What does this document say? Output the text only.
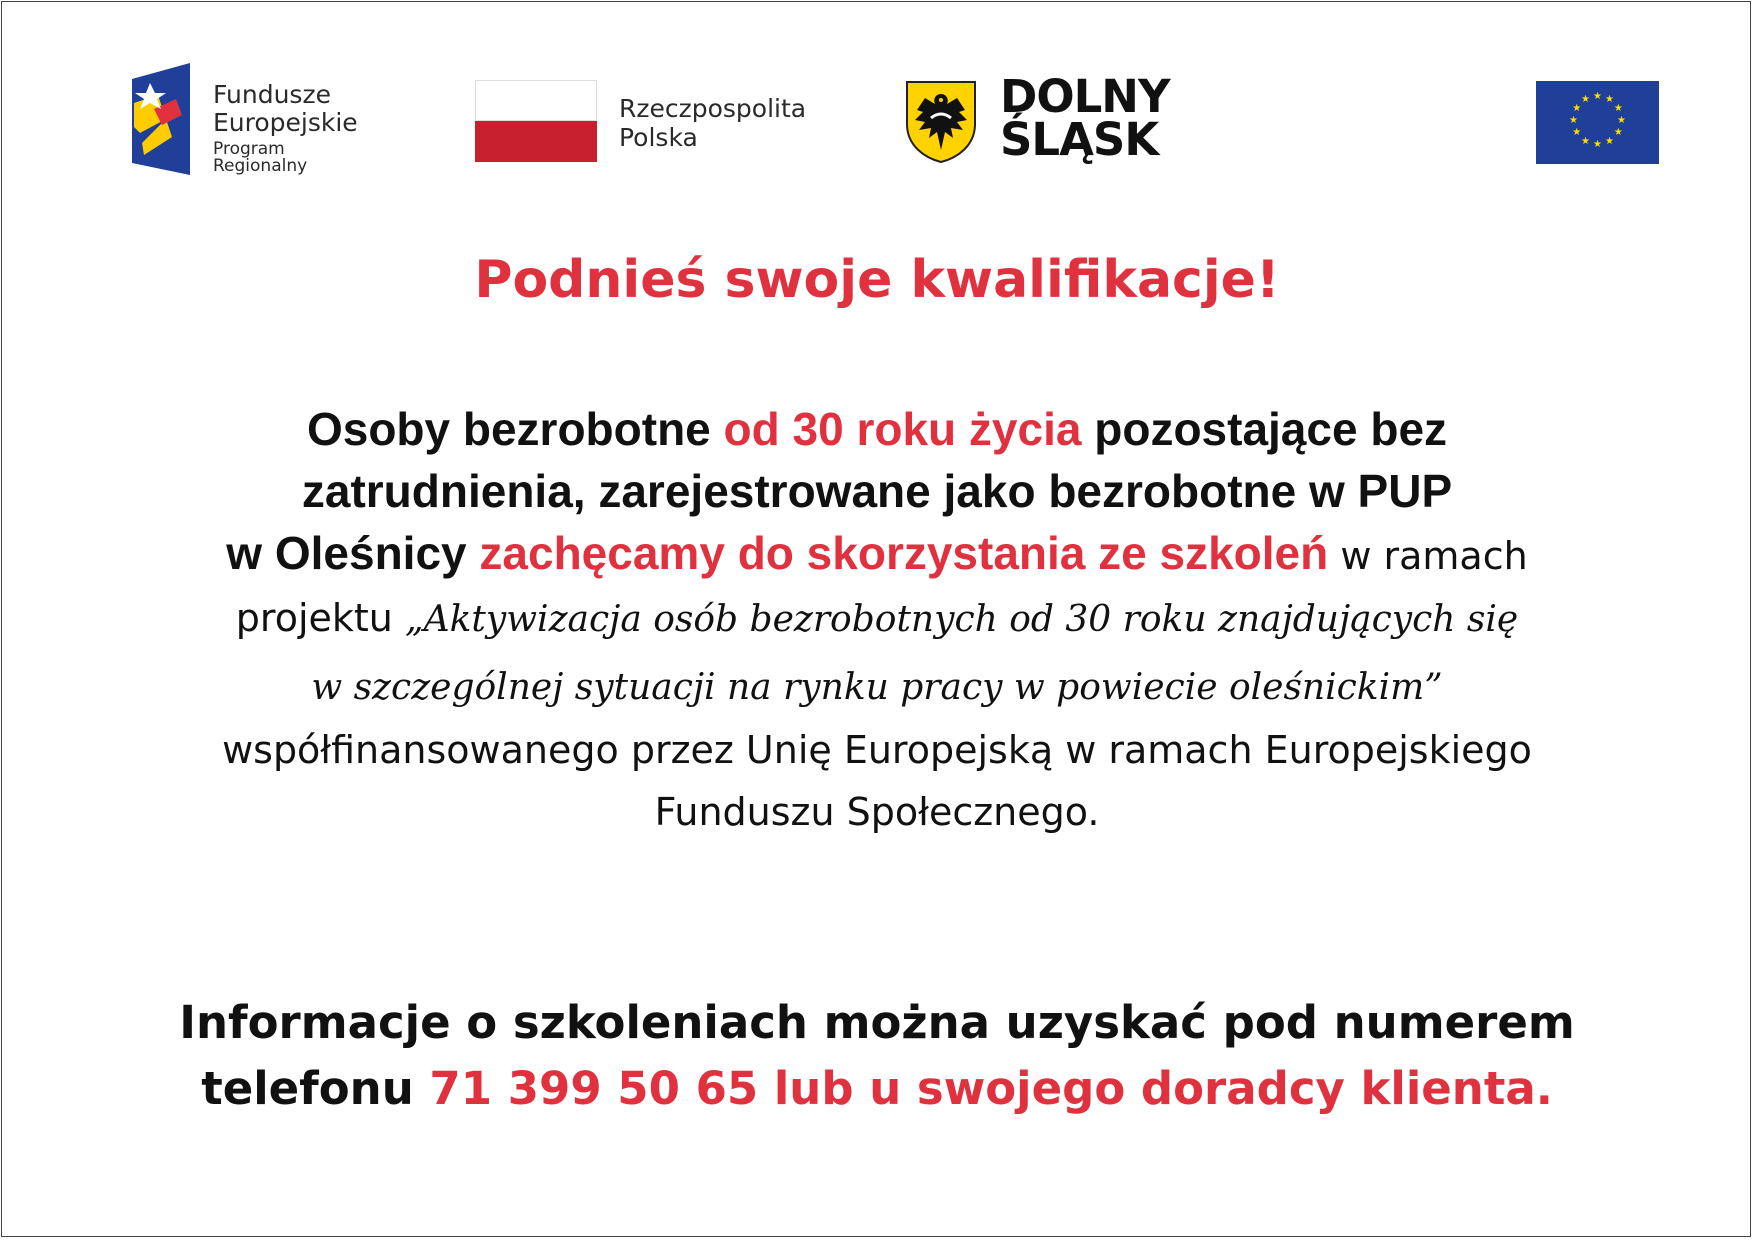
Fundusze
Europejskie
Program Regionalny
Rzeczpospolita
Polska
DOLNY
ŚLĄSK
★ ★
★
★
★
★
★
★
★
★
★
★
Podnieś swoje kwalifikacje!
Osoby bezrobotne od 30 roku życia pozostające bez
zatrudnienia, zarejestrowane jako bezrobotne w PUP
w Oleśnicy zachęcamy do skorzystania ze szkoleń w ramach
projektu „Aktywizacja osób bezrobotnych od 30 roku znajdujących się
w szczególnej sytuacji na rynku pracy w powiecie oleśnickim”
współfinansowanego przez Unię Europejską w ramach Europejskiego
Funduszu Społecznego.
Informacje o szkoleniach można uzyskać pod numerem
telefonu 71 399 50 65 lub u swojego doradcy klienta.
